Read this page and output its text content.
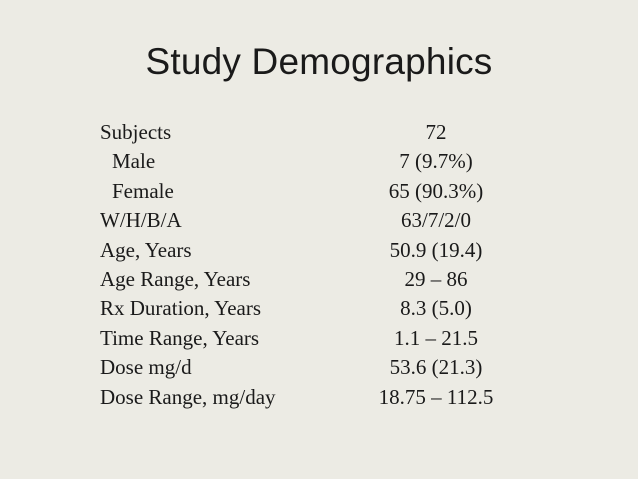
Study Demographics
Subjects	72
Male	7 (9.7%)
Female	65 (90.3%)
W/H/B/A	63/7/2/0
Age, Years	50.9 (19.4)
Age Range, Years	29 – 86
Rx Duration, Years	8.3 (5.0)
Time Range, Years	1.1 – 21.5
Dose mg/d	53.6 (21.3)
Dose Range, mg/day	18.75 – 112.5
